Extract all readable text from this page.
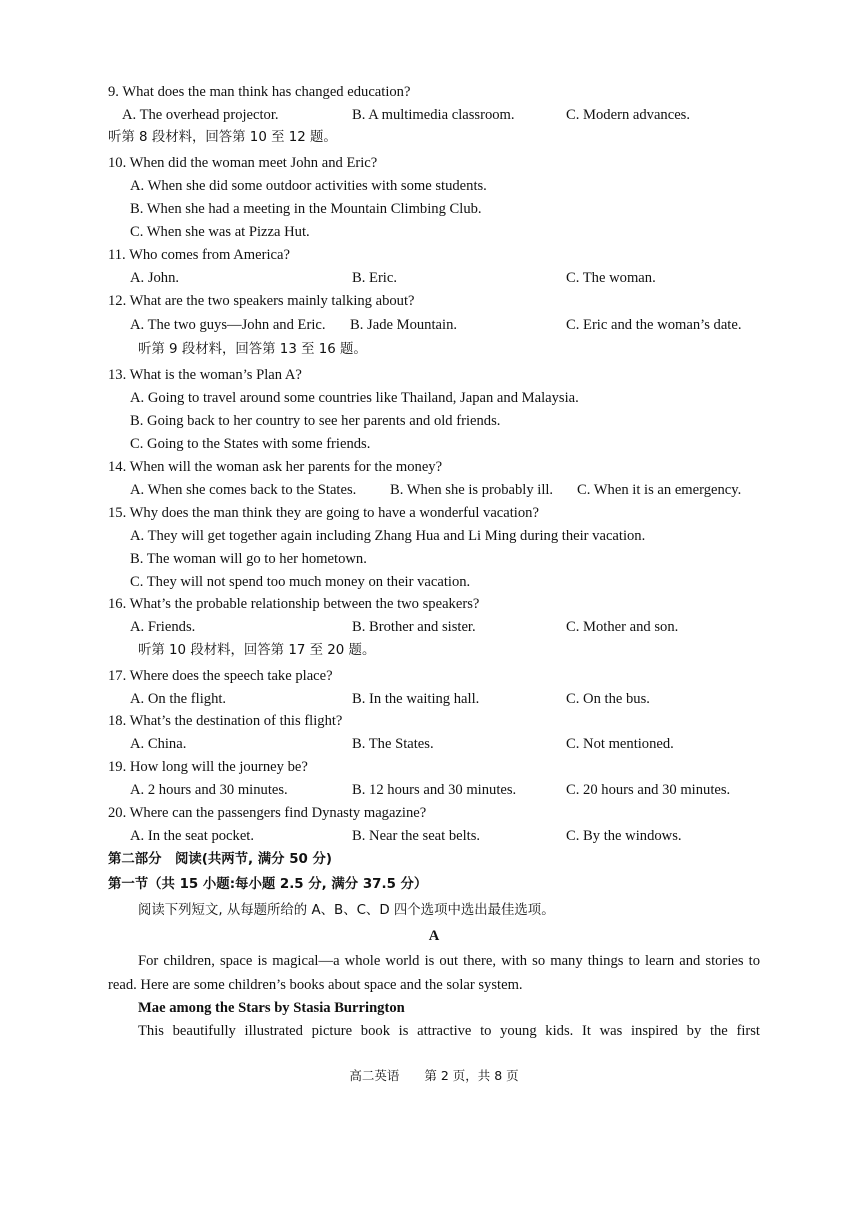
9. What does the man think has changed education?
A. The overhead projector.	B. A multimedia classroom.	C. Modern advances.
听第 8 段材料，回答第 10 至 12 题。
10. When did the woman meet John and Eric?
A. When she did some outdoor activities with some students.
B. When she had a meeting in the Mountain Climbing Club.
C. When she was at Pizza Hut.
11. Who comes from America?
A. John.	B. Eric.	C. The woman.
12. What are the two speakers mainly talking about?
A. The two guys—John and Eric. B. Jade Mountain.	C. Eric and the woman’s date.
听第 9 段材料，回答第 13 至 16 题。
13. What is the woman’s Plan A?
A. Going to travel around some countries like Thailand, Japan and Malaysia.
B. Going back to her country to see her parents and old friends.
C. Going to the States with some friends.
14. When will the woman ask her parents for the money?
A. When she comes back to the States. B. When she is probably ill. C. When it is an emergency.
15. Why does the man think they are going to have a wonderful vacation?
A. They will get together again including Zhang Hua and Li Ming during their vacation.
B. The woman will go to her hometown.
C. They will not spend too much money on their vacation.
16. What’s the probable relationship between the two speakers?
A. Friends.	B. Brother and sister.	C. Mother and son.
听第 10 段材料，回答第 17 至 20 题。
17. Where does the speech take place?
A. On the flight.	B. In the waiting hall.	C. On the bus.
18. What’s the destination of this flight?
A. China.	B. The States.	C. Not mentioned.
19. How long will the journey be?
A. 2 hours and 30 minutes.	B. 12 hours and 30 minutes.	C. 20 hours and 30 minutes.
20. Where can the passengers find Dynasty magazine?
A. In the seat pocket.	B. Near the seat belts.	C. By the windows.
第二部分　阅读(共两节, 满分 50 分)
第一节（共 15 小题:每小题 2.5 分, 满分 37.5 分）
阅读下列短文, 从每题所给的 A、B、C、D 四个选项中选出最佳选项。
A
For children, space is magical—a whole world is out there, with so many things to learn and stories to read. Here are some children’s books about space and the solar system.
Mae among the Stars by Stasia Burrington
This beautifully illustrated picture book is attractive to young kids. It was inspired by the first
高二英语　　第 2 页，共 8 页
